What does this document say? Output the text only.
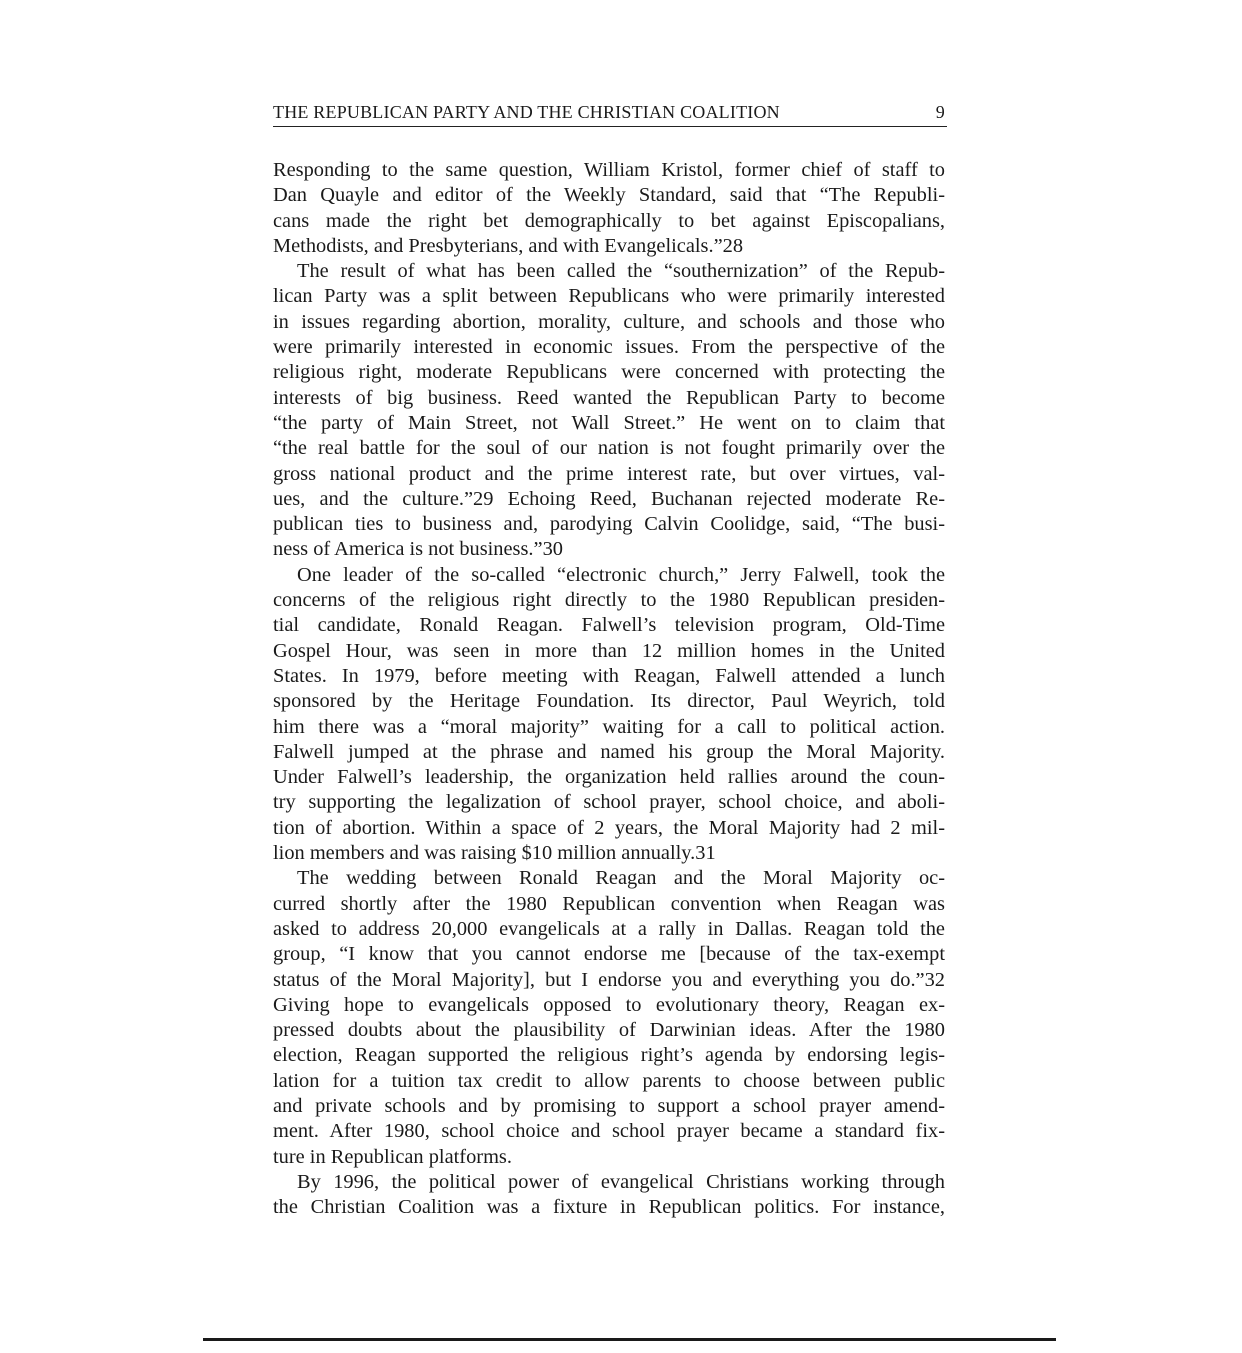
THE REPUBLICAN PARTY AND THE CHRISTIAN COALITION	9
Responding to the same question, William Kristol, former chief of staff to
Dan Quayle and editor of the Weekly Standard, said that “The Republi-
cans made the right bet demographically to bet against Episcopalians,
Methodists, and Presbyterians, and with Evangelicals.”28
The result of what has been called the “southernization” of the Repub-
lican Party was a split between Republicans who were primarily interested
in issues regarding abortion, morality, culture, and schools and those who
were primarily interested in economic issues. From the perspective of the
religious right, moderate Republicans were concerned with protecting the
interests of big business. Reed wanted the Republican Party to become
“the party of Main Street, not Wall Street.” He went on to claim that
“the real battle for the soul of our nation is not fought primarily over the
gross national product and the prime interest rate, but over virtues, val-
ues, and the culture.”29 Echoing Reed, Buchanan rejected moderate Re-
publican ties to business and, parodying Calvin Coolidge, said, “The busi-
ness of America is not business.”30
One leader of the so-called “electronic church,” Jerry Falwell, took the
concerns of the religious right directly to the 1980 Republican presiden-
tial candidate, Ronald Reagan. Falwell’s television program, Old-Time
Gospel Hour, was seen in more than 12 million homes in the United
States. In 1979, before meeting with Reagan, Falwell attended a lunch
sponsored by the Heritage Foundation. Its director, Paul Weyrich, told
him there was a “moral majority” waiting for a call to political action.
Falwell jumped at the phrase and named his group the Moral Majority.
Under Falwell’s leadership, the organization held rallies around the coun-
try supporting the legalization of school prayer, school choice, and aboli-
tion of abortion. Within a space of 2 years, the Moral Majority had 2 mil-
lion members and was raising $10 million annually.31
The wedding between Ronald Reagan and the Moral Majority oc-
curred shortly after the 1980 Republican convention when Reagan was
asked to address 20,000 evangelicals at a rally in Dallas. Reagan told the
group, “I know that you cannot endorse me [because of the tax-exempt
status of the Moral Majority], but I endorse you and everything you do.”32
Giving hope to evangelicals opposed to evolutionary theory, Reagan ex-
pressed doubts about the plausibility of Darwinian ideas. After the 1980
election, Reagan supported the religious right’s agenda by endorsing legis-
lation for a tuition tax credit to allow parents to choose between public
and private schools and by promising to support a school prayer amend-
ment. After 1980, school choice and school prayer became a standard fix-
ture in Republican platforms.
By 1996, the political power of evangelical Christians working through
the Christian Coalition was a fixture in Republican politics. For instance,
